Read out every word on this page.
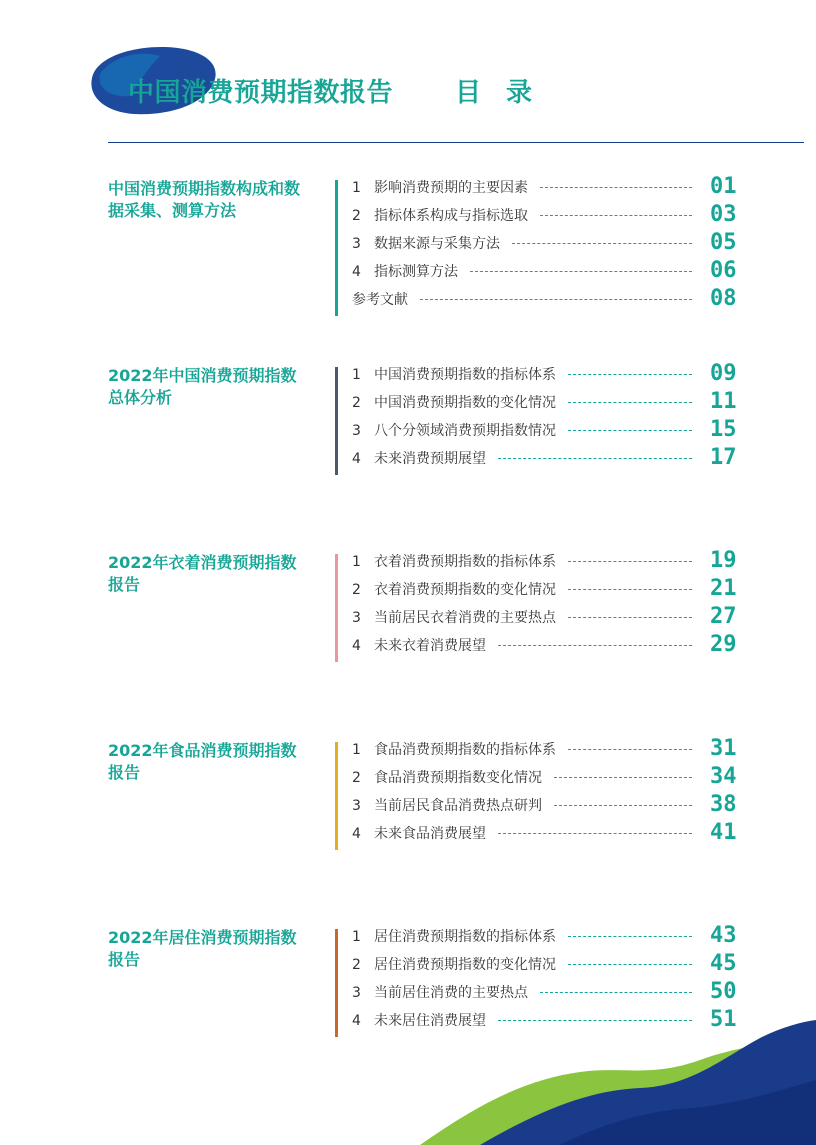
中国消费预期指数报告 目 录
中国消费预期指数构成和数据采集、测算方法
1 影响消费预期的主要因素	01
2 指标体系构成与指标选取	03
3 数据来源与采集方法	05
4 指标测算方法	06
参考文献	08
2022年中国消费预期指数总体分析
1 中国消费预期指数的指标体系	09
2 中国消费预期指数的变化情况	11
3 八个分领域消费预期指数情况	15
4 未来消费预期展望	17
2022年衣着消费预期指数报告
1 衣着消费预期指数的指标体系	19
2 衣着消费预期指数的变化情况	21
3 当前居民衣着消费的主要热点	27
4 未来衣着消费展望	29
2022年食品消费预期指数报告
1 食品消费预期指数的指标体系	31
2 食品消费预期指数变化情况	34
3 当前居民食品消费热点研判	38
4 未来食品消费展望	41
2022年居住消费预期指数报告
1 居住消费预期指数的指标体系	43
2 居住消费预期指数的变化情况	45
3 当前居住消费的主要热点	50
4 未来居住消费展望	51
